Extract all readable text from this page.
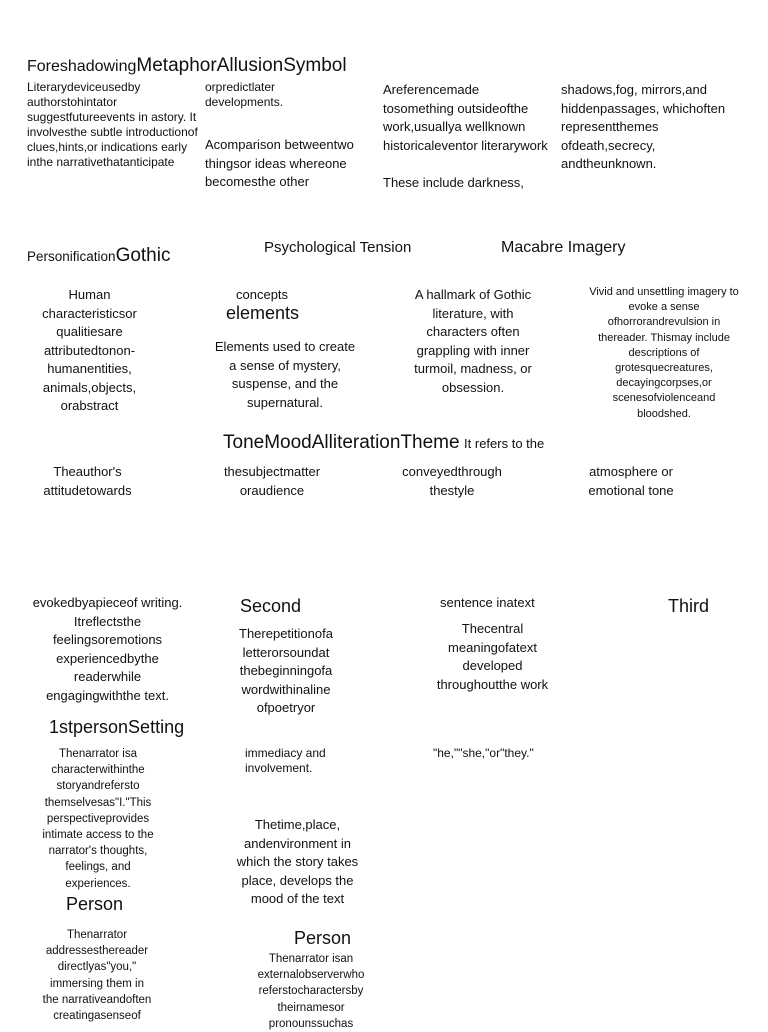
ForeshadowingMetaphorAllusionSymbol

Literarydeviceusedby authorstohintator suggestfutureevents in astory. It involvesthe subtle introductionof clues,hints,or indications early inthe narrativethatanticipate

orpredictlater developments.

Acomparison betweentwo thingsor ideas whereone becomesthe other

Areferencemade tosomething outsideofthe work,usuallya wellknown historicaleventor literarywork

These include darkness,

shadows,fog, mirrors,and hiddenpassages, whichoften representthemes ofdeath,secrecy, andtheunknown.

PersonificationGothic	Psychological Tension	Macabre Imagery

Human characteristicsor qualitiesare attributedtonon- humanentities, animals,objects, orabstract

concepts
elements

Elements used to create a sense of mystery, suspense, and the supernatural.

A hallmark of Gothic literature, with characters often grappling with inner turmoil, madness, or obsession.

Vivid and unsettling imagery to evoke a sense ofhorrorandrevulsion in thereader. Thismay include descriptions of grotesquecreatures, decayingcorpses,or scenesofviolenceand bloodshed.

ToneMoodAlliterationTheme It refers to the

Theauthor's attitudetowards

thesubjectmatter oraudience

conveyedthrough thestyle

atmosphere or emotional tone

evokedbyapieceof writing. Itreflectsthe feelingsoremotions experiencedbythe readerwhile engagingwiththe text.

Second

Therepetitionofa letterorsoundat thebeginningofa wordwithinaline ofpoetryor

sentence inatext

Thecentral meaningofatext developed throughoutthe work

Third
1stpersonSetting

Thenarrator isa characterwithinthe storyandrefersto themselvesas"I."This perspectiveprovides intimate access to the narrator's thoughts, feelings, and experiences.

immediacy and involvement.

"he,""she,"or"they."

Thetime,place, andenvironment in which the story takes place, develops the mood of the text

Person

Thenarrator addressesthereader directlyas"you," immersing them in the narrativeandoften creatingasenseof

Person

Thenarrator isan externalobserverwho referstocharactersby theirnamesor pronounssuchas
